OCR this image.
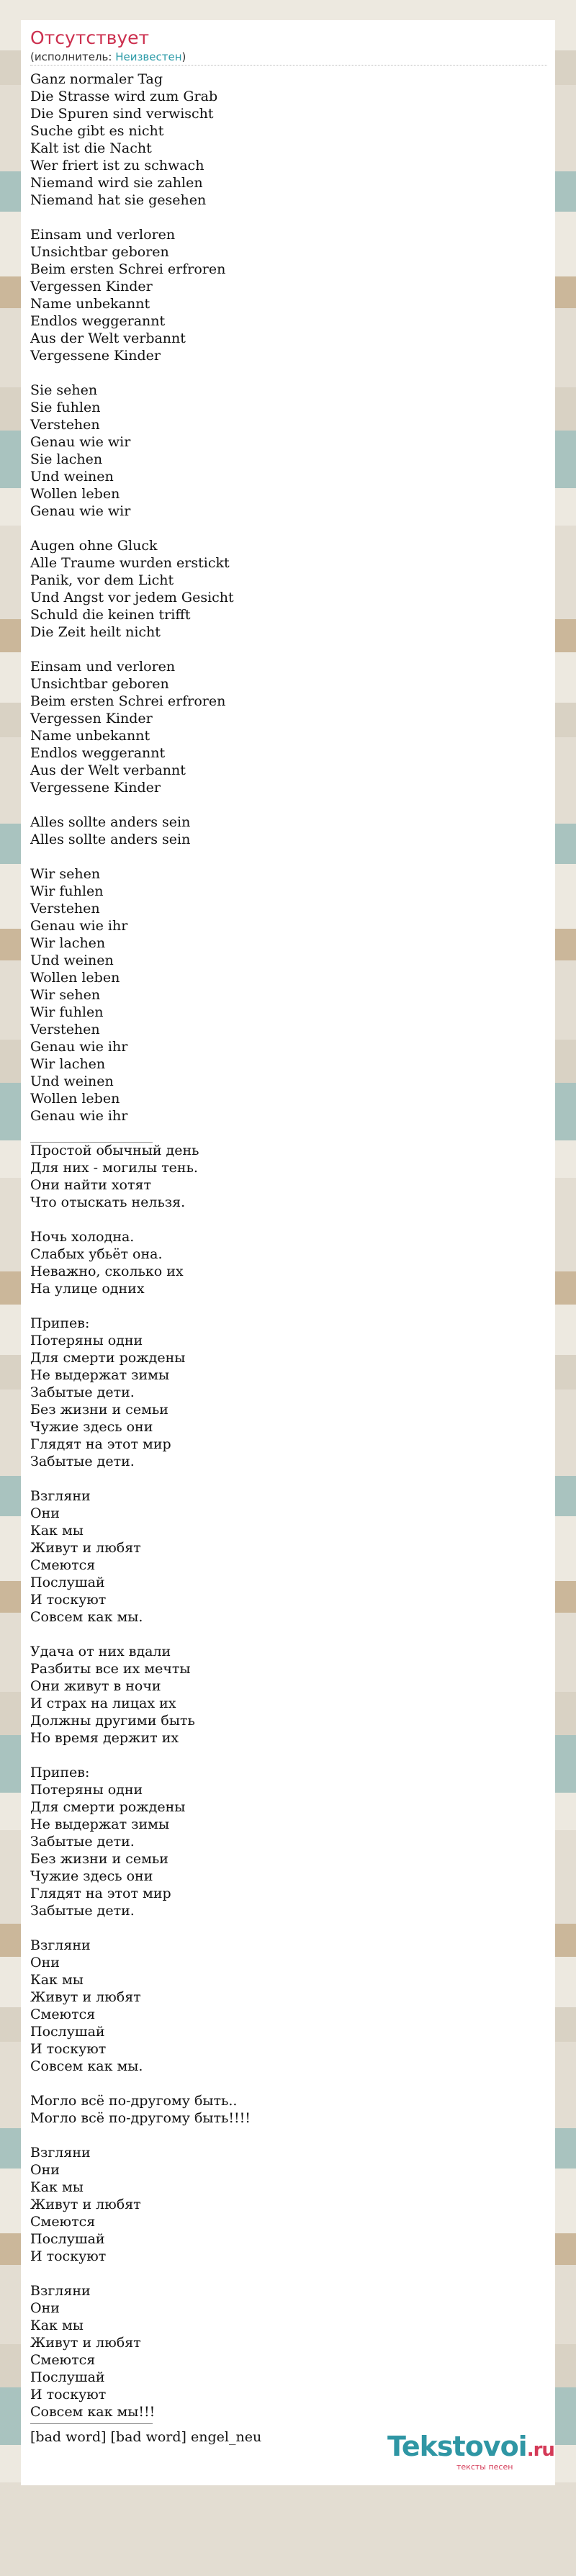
Отсутствует
(исполнитель: Неизвестен)
Ganz normaler Tag
Die Strasse wird zum Grab
Die Spuren sind verwischt
Suche gibt es nicht
Kalt ist die Nacht
Wer friert ist zu schwach
Niemand wird sie zahlen
Niemand hat sie gesehen
Einsam und verloren
Unsichtbar geboren
Beim ersten Schrei erfroren
Vergessen Kinder
Name unbekannt
Endlos weggerannt
Aus der Welt verbannt
Vergessene Kinder
Sie sehen
Sie fuhlen
Verstehen
Genau wie wir
Sie lachen
Und weinen
Wollen leben
Genau wie wir
Augen ohne Gluck
Alle Traume wurden erstickt
Panik, vor dem Licht
Und Angst vor jedem Gesicht
Schuld die keinen trifft
Die Zeit heilt nicht
Einsam und verloren
Unsichtbar geboren
Beim ersten Schrei erfroren
Vergessen Kinder
Name unbekannt
Endlos weggerannt
Aus der Welt verbannt
Vergessene Kinder
Alles sollte anders sein
Alles sollte anders sein
Wir sehen
Wir fuhlen
Verstehen
Genau wie ihr
Wir lachen
Und weinen
Wollen leben
Wir sehen
Wir fuhlen
Verstehen
Genau wie ihr
Wir lachen
Und weinen
Wollen leben
Genau wie ihr
Простой обычный день
Для них - могилы тень.
Они найти хотят
Что отыскать нельзя.
Ночь холодна.
Слабых убьёт она.
Неважно, сколько их
На улице одних
Припев:
Потеряны одни
Для смерти рождены
Не выдержат зимы
Забытые дети.
Без жизни и семьи
Чужие здесь они
Глядят на этот мир
Забытые дети.
Взгляни
Они
Как мы
Живут и любят
Смеются
Послушай
И тоскуют
Совсем как мы.
Удача от них вдали
Разбиты все их мечты
Они живут в ночи
И страх на лицах их
Должны другими быть
Но время держит их
Припев:
Потеряны одни
Для смерти рождены
Не выдержат зимы
Забытые дети.
Без жизни и семьи
Чужие здесь они
Глядят на этот мир
Забытые дети.
Взгляни
Они
Как мы
Живут и любят
Смеются
Послушай
И тоскуют
Совсем как мы.
Могло всё по-другому быть..
Могло всё по-другому быть!!!!
Взгляни
Они
Как мы
Живут и любят
Смеются
Послушай
И тоскуют
Взгляни
Они
Как мы
Живут и любят
Смеются
Послушай
И тоскуют
Совсем как мы!!!
[bad word] [bad word] engel_neu	Tekstovoi.ru
тексты песен
